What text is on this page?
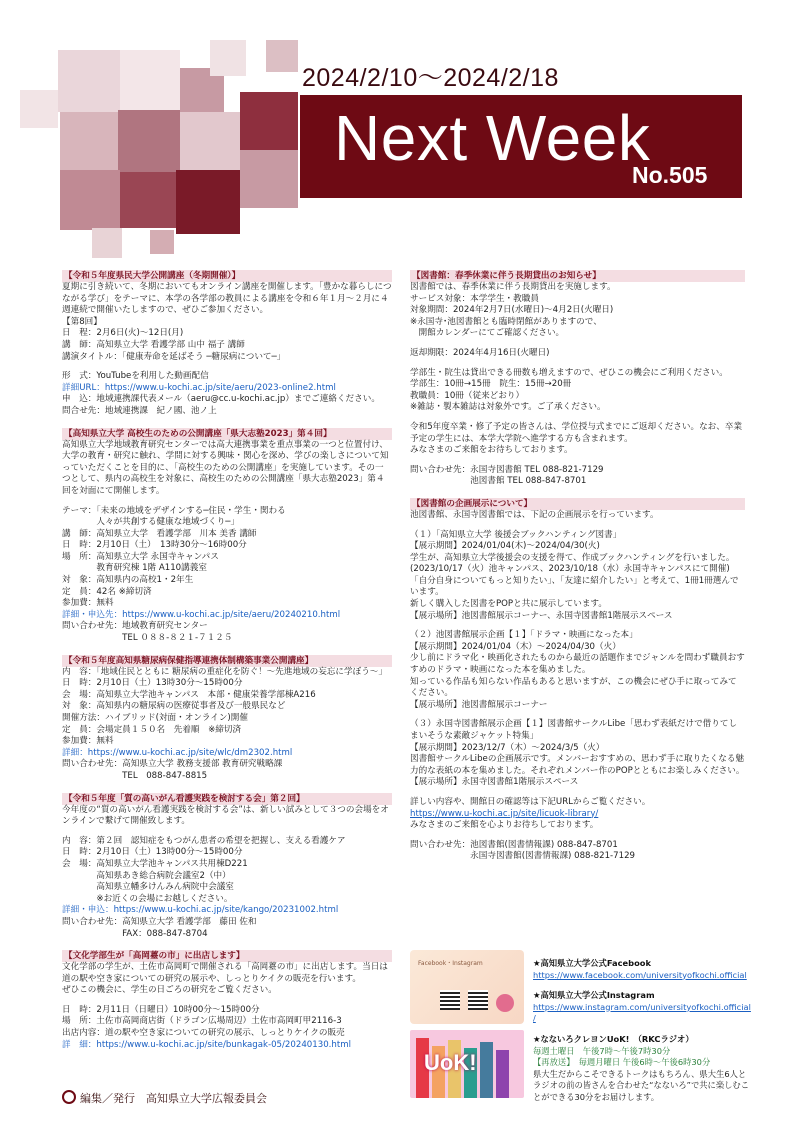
2024/2/10～2024/2/18
Next Week
No.505
【令和５年度県民大学公開講座（冬期開催）】
夏期に引き続いて、冬期においてもオンライン講座を開催します。「豊かな暮らしにつながる学び」をテーマに、本学の各学部の教員による講座を令和６年１月～２月に４週連続で開催いたしますので、ぜひご参加ください。
【第8回】
日　程：2月6日(火)～12日(月)
講　師：高知県立大学 看護学部 山中 福子 講師
講演タイトル：「健康寿命を延ばそう ─糖尿病について─」
形　式：YouTubeを利用した動画配信
詳細URL：https://www.u-kochi.ac.jp/site/aeru/2023-online2.html
申　込：地域連携課代表メール（aeru@cc.u-kochi.ac.jp）までご連絡ください。
問合せ先：地域連携課　紀ノ國、池ノ上
【高知県立大学 高校生のための公開講座「県大志塾2023」第４回】
高知県立大学地域教育研究センターでは高大連携事業を重点事業の一つと位置付け、大学の教育・研究に触れ、学問に対する興味・関心を深め、学びの楽しさについて知っていただくことを目的に、「高校生のための公開講座」を実施しています。その一つとして、県内の高校生を対象に、高校生のための公開講座「県大志塾2023」第４回を対面にて開催します。
テーマ：「未来の地域をデザインする─住民・学生・関わる
　　　　人々が共創する健康な地域づくり─」
講　師：高知県立大学　看護学部　川本 美香 講師
日　時：2月10日（土）　13時30分～16時00分
場　所：高知県立大学 永国寺キャンパス
　　　　教育研究棟 1階 A110講義室
対　象：高知県内の高校1・2年生
定　員：42名 ※締切済
参加費：無料
詳細・申込先：https://www.u-kochi.ac.jp/site/aeru/20240210.html
問い合わせ先：地域教育研究センター
　　　　　　　TEL ０８８-８２１-７１２５
【令和５年度高知県糖尿病保健指導連携体制構築事業公開講座】
内　容：「地域住民とともに 糖尿病の重症化を防ぐ！～先進地域の妄忘に学ぼう～」
日　時：2月10日（土）13時30分～15時00分
会　場：高知県立大学池キャンパス　本部・健康栄養学部棟A216
対　象：高知県内の糖尿病の医療従事者及び一般県民など
開催方法：ハイブリッド(対面・オンライン)開催
定　員：会場定員１５０名　先着順　※締切済
参加費：無料
詳細：https://www.u-kochi.ac.jp/site/wlc/dm2302.html
問い合わせ先：高知県立大学 教務支援部 教育研究戦略課
　　　　　　　TEL　088-847-8815
【令和５年度「質の高いがん看護実践を検討する会」第２回】
今年度の“質の高いがん看護実践を検討する会”は、新しい試みとして３つの会場をオンラインで繋げて開催致します。
内　容：第２回　認知症をもつがん患者の希望を把握し、支える看護ケア
日　時：2月10日（土）13時00分～15時00分
会　場：高知県立大学池キャンパス共用棟D221
　　　　高知県あき総合病院会議室2（中）
　　　　高知県立幡多けんみん病院中会議室
　　　　※お近くの会場にお越しください。
詳細・申込：https://www.u-kochi.ac.jp/site/kango/20231002.html
問い合わせ先：高知県立大学 看護学部　藤田 佐和
　　　　　　　FAX：088-847-8704
【文化学部生が「高岡薹の市」に出店します】
文化学部の学生が、土佐市高岡町で開催される「高岡薹の市」に出店します。当日は道の駅や空き家についての研究の展示や、しっとりケイクの販売を行います。
ぜひこの機会に、学生の日ごろの研究をご覧ください。
日　時：2月11日（日曜日）10時00分～15時00分
場　所：土佐市高岡商店街（ドラゴン広場周辺）土佐市高岡町甲2116-3
出店内容：道の駅や空き家についての研究の展示、しっとりケイクの販売
詳　細：https://www.u-kochi.ac.jp/site/bunkagak-05/20240130.html
【図書館：春季休業に伴う長期貸出のお知らせ】
図書館では、春季休業に伴う長期貸出を実施します。
サービス対象：本学学生・教職員
対象期間：2024年2月7日(水曜日)～4月2日(火曜日)
※永国寺･池図書館とも臨時閉館がありますので、
　開館カレンダーにてご確認ください。
返却期限：2024年4月16日(火曜日)
学部生・院生は貸出できる冊数も増えますので、ぜひこの機会にご利用ください。
学部生：10冊→15冊　院生：15冊→20冊
教職員：10冊（従来どおり）
※雑誌・製本雑誌は対象外です。ご了承ください。
令和5年度卒業・修了予定の皆さんは、学位授与式までにご返却ください。なお、卒業予定の学生には、本学大学院へ進学する方も含まれます。
みなさまのご来館をお待ちしております。
問い合わせ先：永国寺図書館 TEL 088-821-7129
　　　　　　　池図書館 TEL 088-847-8701
【図書館の企画展示について】
池図書館、永国寺図書館では、下記の企画展示を行っています。
（１）「高知県立大学 後援会ブックハンティング図書」
【展示期間】2024/01/04(木)～2024/04/30(火)
学生が、高知県立大学後援会の支援を得て、作成ブックハンティングを行いました。(2023/10/17（火）池キャンパス、2023/10/18（水）永国寺キャンパスにて開催)
「自分自身についてもっと知りたい」、「友達に紹介したい」と考えて、1冊1冊選んでいます。
新しく購入した図書をPOPと共に展示しています。
【展示場所】池図書館展示コーナー、永国寺図書館1階展示スペース
（２）池図書館展示企画【１】「ドラマ・映画になった本」
【展示期間】2024/01/04（木）～2024/04/30（火）
少し前にドラマ化・映画化されたものから最近の話題作までジャンルを問わず職員おすすめのドラマ・映画になった本を集めました。
知っている作品も知らない作品もあると思いますが、この機会にぜひ手に取ってみてください。
【展示場所】池図書館展示コーナー
（３）永国寺図書館展示企画【１】図書館サークルLibe「思わず表紙だけで借りてしまいそうな素敵ジャケット特集」
【展示期間】2023/12/7（木）～2024/3/5（火）
図書館サークルLibeの企画展示です。メンバーおすすめの、思わず手に取りたくなる魅力的な表紙の本を集めました。それぞれメンバー作のPOPとともにお楽しみください。
【展示場所】永国寺図書館1階展示スペース
詳しい内容や、開館日の確認等は下記URLからご覧ください。
https://www.u-kochi.ac.jp/site/licuok-library/
みなさまのご来館を心よりお待ちしております。
問い合わせ先：池図書館(図書情報課) 088-847-8701
　　　　　　　永国寺図書館(図書情報課) 088-821-7129
Facebook・Instagram	★高知県立大学公式Facebook
https://www.facebook.com/universityofkochi.official
★高知県立大学公式Instagram
https://www.instagram.com/universityofkochi.official/
UoK!
★なないろクレヨンUoK!　（RKCラジオ）
毎週土曜日　午後7時～午後7時30分
【再放送】　毎週月曜日 午後6時～午後6時30分
県大生だからこそできるトークはもちろん、県大生6人とラジオの前の皆さんを合わせた“なないろ”で共に楽しむことができる30分をお届けします。
編集／発行　高知県立大学広報委員会
